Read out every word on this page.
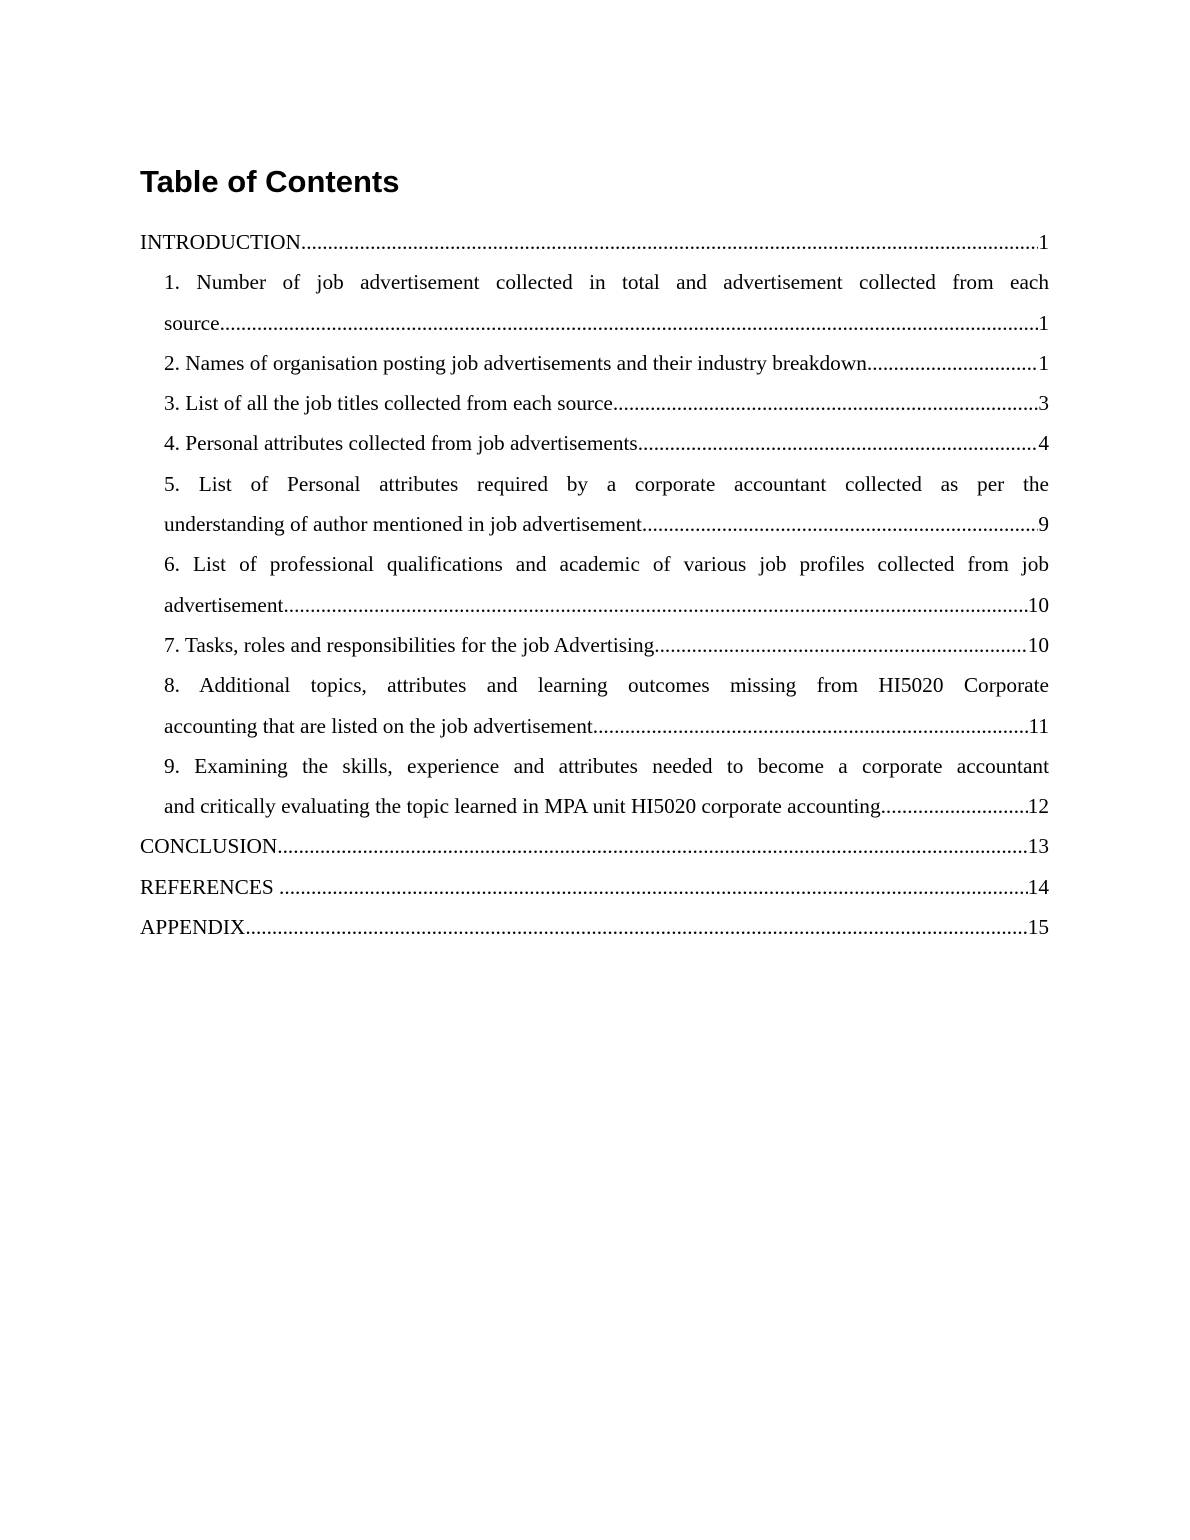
Table of Contents
INTRODUCTION .....	1
1. Number of job advertisement collected in total and advertisement collected from each
source .....	1
2. Names of organisation posting job advertisements and their industry breakdown .....	1
3. List of all the job titles collected from each source .....	3
4. Personal attributes collected from job advertisements .....	4
5. List of Personal attributes required by a corporate accountant collected as per the
understanding of author mentioned in job advertisement .....	9
6. List of professional qualifications and academic of various job profiles collected from job
advertisement .....	10
7. Tasks, roles and responsibilities for the job Advertising .....	10
8. Additional topics, attributes and learning outcomes missing from HI5020 Corporate
accounting that are listed on the job advertisement .....	11
9. Examining the skills, experience and attributes needed to become a corporate accountant
and critically evaluating the topic learned in MPA unit HI5020 corporate accounting .....	12
CONCLUSION .....	13
REFERENCES .....	14
APPENDIX .....	15
